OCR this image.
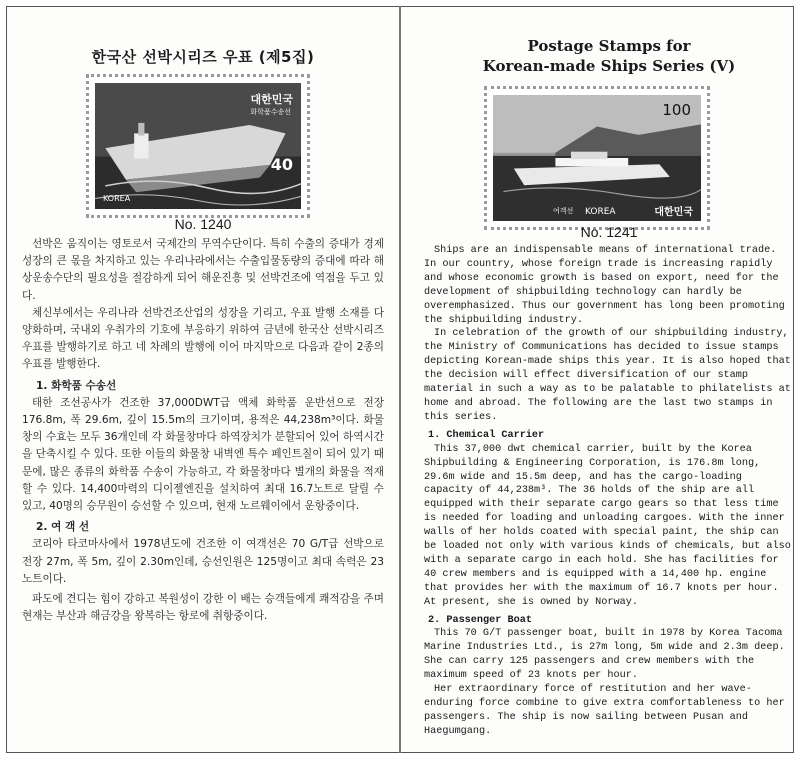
한국산 선박시리즈 우표 (제5집)
대한민국
화학품수송선
40
KOREA
No. 1240

선박은 움직이는 영토로서 국제간의 무역수단이다. 특히 수출의 증대가 경제성장의 큰 몫을 차지하고 있는 우리나라에서는 수출입물동량의 증대에 따라 해상운송수단의 필요성을 절감하게 되어 해운진흥 및 선박건조에 역점을 두고 있다.

체신부에서는 우리나라 선박건조산업의 성장을 기리고, 우표 발행 소재를 다양화하며, 국내외 우취가의 기호에 부응하기 위하여 금년에 한국산 선박시리즈 우표를 발행하기로 하고 네 차례의 발행에 이어 마지막으로 다음과 같이 2종의 우표를 발행한다.

1. 화학품 수송선

태한 조선공사가 건조한 37,000DWT급 액체 화학품 운반선으로 전장 176.8m, 폭 29.6m, 깊이 15.5m의 크기이며, 용적은 44,238m³이다. 화물창의 수효는 모두 36개인데 각 화물창마다 하역장치가 분할되어 있어 하역시간을 단축시킬 수 있다. 또한 이들의 화물창 내벽엔 특수 페인트칠이 되어 있기 때문에, 많은 종류의 화학품 수송이 가능하고, 각 화물창마다 별개의 화물을 적재할 수 있다. 14,400마력의 디이젤엔진을 설치하여 최대 16.7노트로 달릴 수 있고, 40명의 승무원이 승선할 수 있으며, 현재 노르웨이에서 운항중이다.

2. 여 객 선

코리아 타코마사에서 1978년도에 건조한 이 여객선은 70 G/T급 선박으로 전장 27m, 폭 5m, 깊이 2.30m인데, 승선인원은 125명이고 최대 속력은 23노트이다.

파도에 견디는 힘이 강하고 복원성이 강한 이 배는 승객들에게 쾌적감을 주며 현재는 부산과 해금강을 왕복하는 항로에 취항중이다.

Postage Stamps for
Korean-made Ships Series (V)
100
여객선 KOREA	대한민국
No. 1241

Ships are an indispensable means of international trade. In our country, whose foreign trade is increasing rapidly and whose economic growth is based on export, need for the development of shipbuilding technology can hardly be overemphasized. Thus our government has long been promoting the shipbuilding industry.

In celebration of the growth of our shipbuilding industry, the Ministry of Communications has decided to issue stamps depicting Korean-made ships this year. It is also hoped that the decision will effect diversification of our stamp material in such a way as to be palatable to philatelists at home and abroad. The following are the last two stamps in this series.

1. Chemical Carrier

This 37,000 dwt chemical carrier, built by the Korea Shipbuilding & Engineering Corporation, is 176.8m long, 29.6m wide and 15.5m deep, and has the cargo-loading capacity of 44,238m³. The 36 holds of the ship are all equipped with their separate cargo gears so that less time is needed for loading and unloading cargoes. With the inner walls of her holds coated with special paint, the ship can be loaded not only with various kinds of chemicals, but also with a separate cargo in each hold. She has facilities for 40 crew members and is equipped with a 14,400 hp. engine that provides her with the maximum of 16.7 knots per hour. At present, she is owned by Norway.

2. Passenger Boat

This 70 G/T passenger boat, built in 1978 by Korea Tacoma Marine Industries Ltd., is 27m long, 5m wide and 2.3m deep. She can carry 125 passengers and crew members with the maximum speed of 23 knots per hour.

Her extraordinary force of restitution and her wave-enduring force combine to give extra comfortableness to her passengers. The ship is now sailing between Pusan and Haegumgang.
